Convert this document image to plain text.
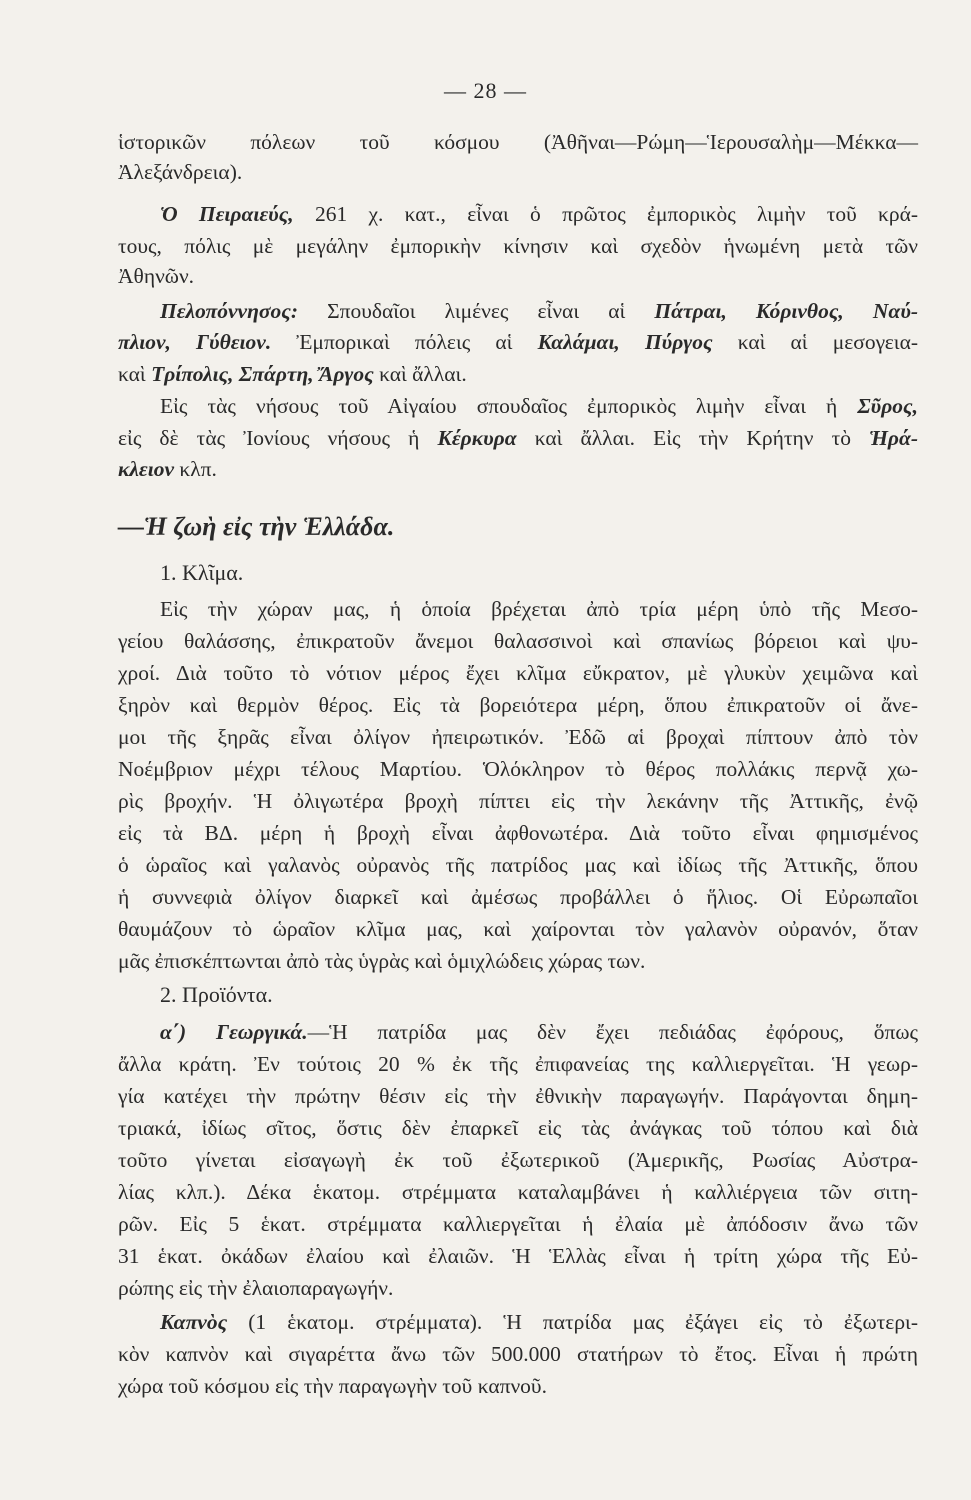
— 28 —
ἱστορικῶν πόλεων τοῦ κόσμου (Ἀθῆναι—Ρώμη—Ἱερουσαλὴμ—Μέκκα—
Ἀλεξάνδρεια).
Ὁ Πειραιεύς, 261 χ. κατ., εἶναι ὁ πρῶτος ἐμπορικὸς λιμὴν τοῦ κρά-
τους, πόλις μὲ μεγάλην ἐμπορικὴν κίνησιν καὶ σχεδὸν ἡνωμένη μετὰ τῶν
Ἀθηνῶν.
Πελοπόννησος: Σπουδαῖοι λιμένες εἶναι αἱ Πάτραι, Κόρινθος, Ναύ-
πλιον, Γύθειον. Ἐμπορικαὶ πόλεις αἱ Καλάμαι, Πύργος καὶ αἱ μεσογεια-
καὶ Τρίπολις, Σπάρτη, Ἄργος καὶ ἄλλαι.
Εἰς τὰς νήσους τοῦ Αἰγαίου σπουδαῖος ἐμπορικὸς λιμὴν εἶναι ἡ Σῦρος,
εἰς δὲ τὰς Ἰονίους νήσους ἡ Κέρκυρα καὶ ἄλλαι. Εἰς τὴν Κρήτην τὸ Ἡρά-
κλειον κλπ.
—Ἡ ζωὴ εἰς τὴν Ἑλλάδα.
1. Κλῖμα.
Εἰς τὴν χώραν μας, ἡ ὁποία βρέχεται ἀπὸ τρία μέρη ὑπὸ τῆς Μεσο-
γείου θαλάσσης, ἐπικρατοῦν ἄνεμοι θαλασσινοὶ καὶ σπανίως βόρειοι καὶ ψυ-
χροί. Διὰ τοῦτο τὸ νότιον μέρος ἔχει κλῖμα εὔκρατον, μὲ γλυκὺν χειμῶνα καὶ
ξηρὸν καὶ θερμὸν θέρος. Εἰς τὰ βορειότερα μέρη, ὅπου ἐπικρατοῦν οἱ ἄνε-
μοι τῆς ξηρᾶς εἶναι ὀλίγον ἠπειρωτικόν. Ἐδῶ αἱ βροχαὶ πίπτουν ἀπὸ τὸν
Νοέμβριον μέχρι τέλους Μαρτίου. Ὁλόκληρον τὸ θέρος πολλάκις περνᾷ χω-
ρὶς βροχήν. Ἡ ὀλιγωτέρα βροχὴ πίπτει εἰς τὴν λεκάνην τῆς Ἀττικῆς, ἐνῷ
εἰς τὰ ΒΔ. μέρη ἡ βροχὴ εἶναι ἀφθονωτέρα. Διὰ τοῦτο εἶναι φημισμένος
ὁ ὡραῖος καὶ γαλανὸς οὐρανὸς τῆς πατρίδος μας καὶ ἰδίως τῆς Ἀττικῆς, ὅπου
ἡ συννεφιὰ ὀλίγον διαρκεῖ καὶ ἀμέσως προβάλλει ὁ ἥλιος. Οἱ Εὐρωπαῖοι
θαυμάζουν τὸ ὡραῖον κλῖμα μας, καὶ χαίρονται τὸν γαλανὸν οὐρανόν, ὅταν
μᾶς ἐπισκέπτωνται ἀπὸ τὰς ὑγρὰς καὶ ὁμιχλώδεις χώρας των.
2. Προϊόντα.
α΄) Γεωργικά.—Ἡ πατρίδα μας δὲν ἔχει πεδιάδας ἐφόρους, ὅπως
ἄλλα κράτη. Ἐν τούτοις 20 % ἐκ τῆς ἐπιφανείας της καλλιεργεῖται. Ἡ γεωρ-
γία κατέχει τὴν πρώτην θέσιν εἰς τὴν ἐθνικὴν παραγωγήν. Παράγονται δημη-
τριακά, ἰδίως σῖτος, ὅστις δὲν ἐπαρκεῖ εἰς τὰς ἀνάγκας τοῦ τόπου καὶ διὰ
τοῦτο γίνεται εἰσαγωγὴ ἐκ τοῦ ἐξωτερικοῦ (Ἀμερικῆς, Ρωσίας Αὐστρα-
λίας κλπ.). Δέκα ἑκατομ. στρέμματα καταλαμβάνει ἡ καλλιέργεια τῶν σιτη-
ρῶν. Εἰς 5 ἑκατ. στρέμματα καλλιεργεῖται ἡ ἐλαία μὲ ἀπόδοσιν ἄνω τῶν
31 ἑκατ. ὀκάδων ἐλαίου καὶ ἐλαιῶν. Ἡ Ἑλλὰς εἶναι ἡ τρίτη χώρα τῆς Εὐ-
ρώπης εἰς τὴν ἐλαιοπαραγωγήν.
Καπνὸς (1 ἑκατομ. στρέμματα). Ἡ πατρίδα μας ἐξάγει εἰς τὸ ἐξωτερι-
κὸν καπνὸν καὶ σιγαρέττα ἄνω τῶν 500.000 στατήρων τὸ ἔτος. Εἶναι ἡ πρώτη
χώρα τοῦ κόσμου εἰς τὴν παραγωγὴν τοῦ καπνοῦ.
